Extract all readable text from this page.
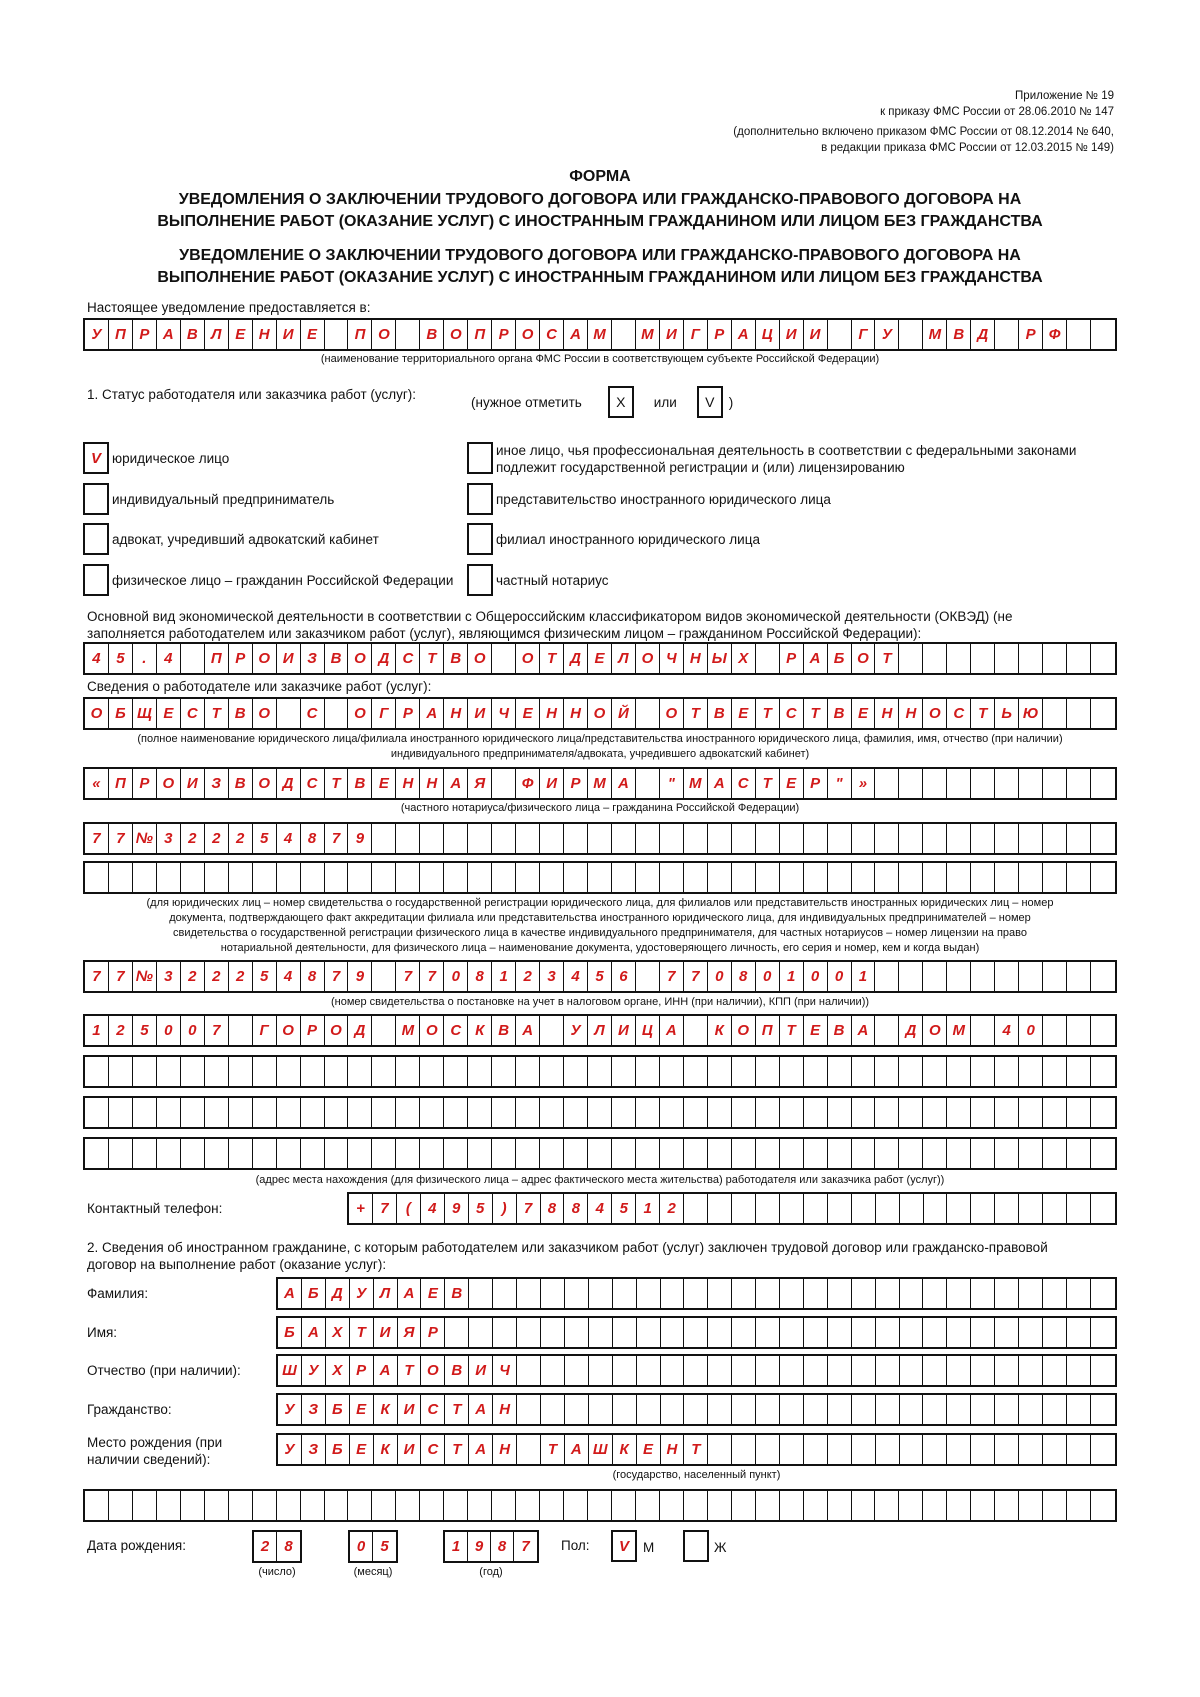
Приложение № 19
к приказу ФМС России от 28.06.2010 № 147
(дополнительно включено приказом ФМС России от 08.12.2014 № 640,
в редакции приказа ФМС России от 12.03.2015 № 149)
ФОРМА
УВЕДОМЛЕНИЯ О ЗАКЛЮЧЕНИИ ТРУДОВОГО ДОГОВОРА ИЛИ ГРАЖДАНСКО-ПРАВОВОГО ДОГОВОРА НА
ВЫПОЛНЕНИЕ РАБОТ (ОКАЗАНИЕ УСЛУГ) С ИНОСТРАННЫМ ГРАЖДАНИНОМ ИЛИ ЛИЦОМ БЕЗ ГРАЖДАНСТВА
УВЕДОМЛЕНИЕ О ЗАКЛЮЧЕНИИ ТРУДОВОГО ДОГОВОРА ИЛИ ГРАЖДАНСКО-ПРАВОВОГО ДОГОВОРА НА
ВЫПОЛНЕНИЕ РАБОТ (ОКАЗАНИЕ УСЛУГ) С ИНОСТРАННЫМ ГРАЖДАНИНОМ ИЛИ ЛИЦОМ БЕЗ ГРАЖДАНСТВА
Настоящее уведомление предоставляется в:
У П Р А В Л Е Н И Е	П О	В О П Р О С А М	М И Г Р А Ц И И	Г У	М В Д	Р Ф
(наименование территориального органа ФМС России в соответствующем субъекте Российской Федерации)
1. Статус работодателя или заказчика работ (услуг):	(нужное отметить	X	или	V	)
V юридическое лицо
индивидуальный предприниматель
адвокат, учредивший адвокатский кабинет
физическое лицо – гражданин Российской Федерации
иное лицо, чья профессиональная деятельность в соответствии с федеральными законами
подлежит государственной регистрации и (или) лицензированию
представительство иностранного юридического лица
филиал иностранного юридического лица
частный нотариус
Основной вид экономической деятельности в соответствии с Общероссийским классификатором видов экономической деятельности (ОКВЭД) (не
заполняется работодателем или заказчиком работ (услуг), являющимся физическим лицом – гражданином Российской Федерации):
4	5	.	4	П Р О И З В О Д С Т В О	О Т Д Е Л О Ч Н Ы Х	Р А Б О Т
Сведения о работодателе или заказчике работ (услуг):
О Б Щ Е С Т В О	С	О Г Р А Н И Ч Е Н Н О Й	О Т В Е Т С Т В Е Н Н О С Т Ь Ю
(полное наименование юридического лица/филиала иностранного юридического лица/представительства иностранного юридического лица, фамилия, имя, отчество (при наличии)
индивидуального предпринимателя/адвоката, учредившего адвокатский кабинет)
« П Р О И З В О Д С Т В Е Н Н А Я	Ф И Р М А	" М А С Т Е Р	"	»
(частного нотариуса/физического лица – гражданина Российской Федерации)
7	7 № 3	2	2	2	5	4	8	7	9
(для юридических лиц – номер свидетельства о государственной регистрации юридического лица, для филиалов или представительств иностранных юридических лиц – номер
документа, подтверждающего факт аккредитации филиала или представительства иностранного юридического лица, для индивидуальных предпринимателей – номер
свидетельства о государственной регистрации физического лица в качестве индивидуального предпринимателя, для частных нотариусов – номер лицензии на право
нотариальной деятельности, для физического лица – наименование документа, удостоверяющего личность, его серия и номер, кем и когда выдан)
7	7 № 3	2	2	2	5	4	8	7	9	7	7	0	8	1	2	3	4	5	6	7	7	0	8	0	1	0	0	1
(номер свидетельства о постановке на учет в налоговом органе, ИНН (при наличии), КПП (при наличии))
1	2	5	0	0	7	Г О Р О Д	М О С К В А	У Л И Ц А	К О П Т Е В А	Д О М	4	0
(адрес места нахождения (для физического лица – адрес фактического места жительства) работодателя или заказчика работ (услуг))
Контактный телефон:	+	7	(	4	9	5	)	7	8	8	4	5	1	2
2. Сведения об иностранном гражданине, с которым работодателем или заказчиком работ (услуг) заключен трудовой договор или гражданско-правовой
договор на выполнение работ (оказание услуг):
Фамилия:	А Б Д У Л А Е В
Имя:	Б А Х Т И Я Р
Отчество (при наличии):	Ш У Х Р А Т О В И Ч
Гражданство:	У З Б Е К И С Т А Н
Место рождения (при
наличии сведений):
У З Б Е К И С Т А Н	Т А Ш К Е Н Т
(государство, населенный пункт)
Дата рождения:	2	8
(число)
0	5
(месяц)
1 9 8	7
(год)
Пол:	V	М	Ж
